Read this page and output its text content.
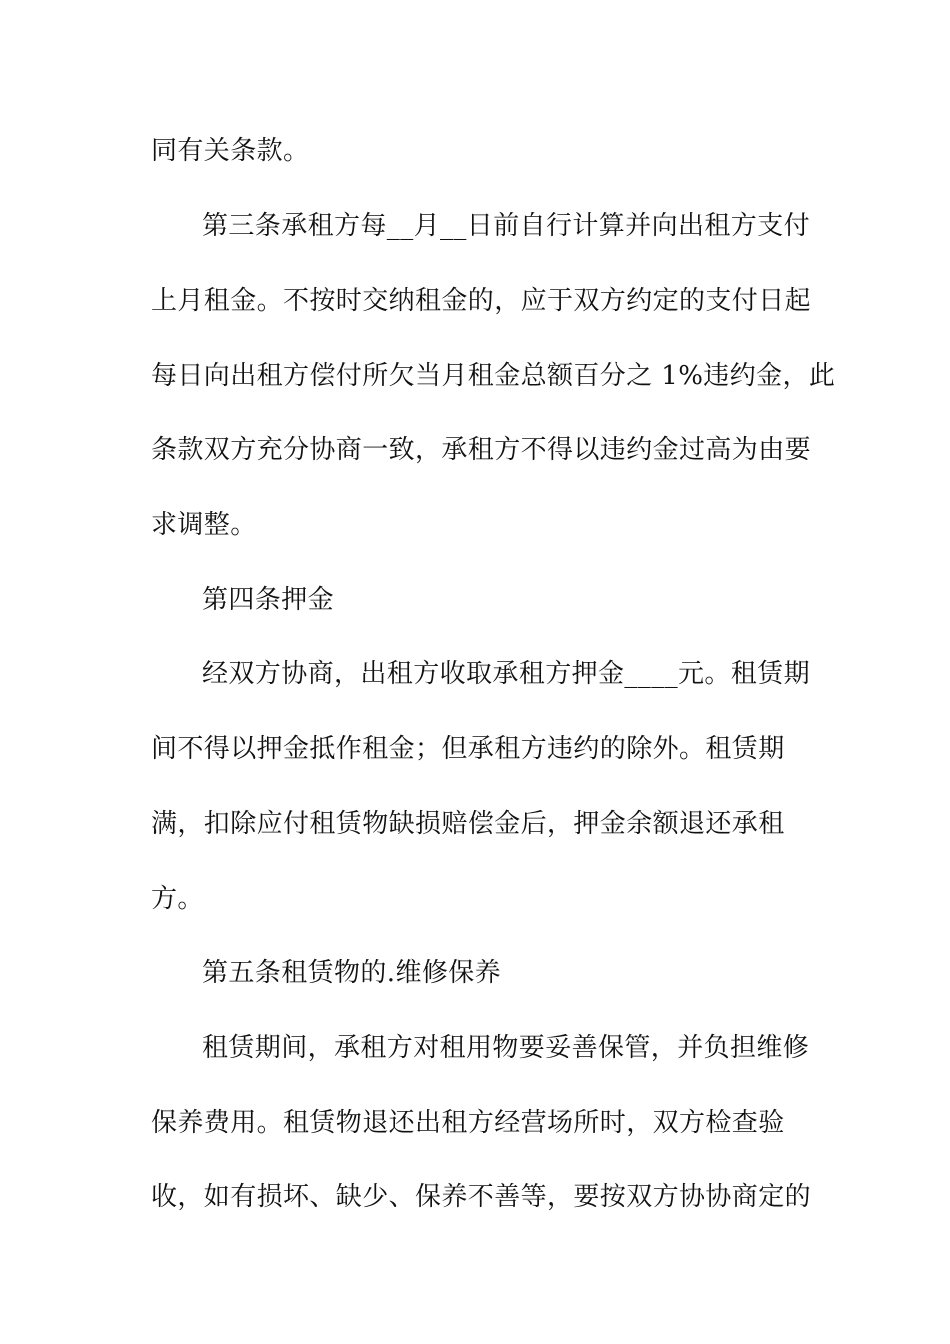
同有关条款。
第三条承租方每__月__日前自行计算并向出租方支付
上月租金。不按时交纳租金的，应于双方约定的支付日起
每日向出租方偿付所欠当月租金总额百分之 1%违约金，此
条款双方充分协商一致，承租方不得以违约金过高为由要
求调整。
第四条押金
经双方协商，出租方收取承租方押金____元。租赁期
间不得以押金抵作租金；但承租方违约的除外。租赁期
满，扣除应付租赁物缺损赔偿金后，押金余额退还承租
方。
第五条租赁物的.维修保养
租赁期间，承租方对租用物要妥善保管，并负担维修
保养费用。租赁物退还出租方经营场所时，双方检查验
收，如有损坏、缺少、保养不善等，要按双方协协商定的
